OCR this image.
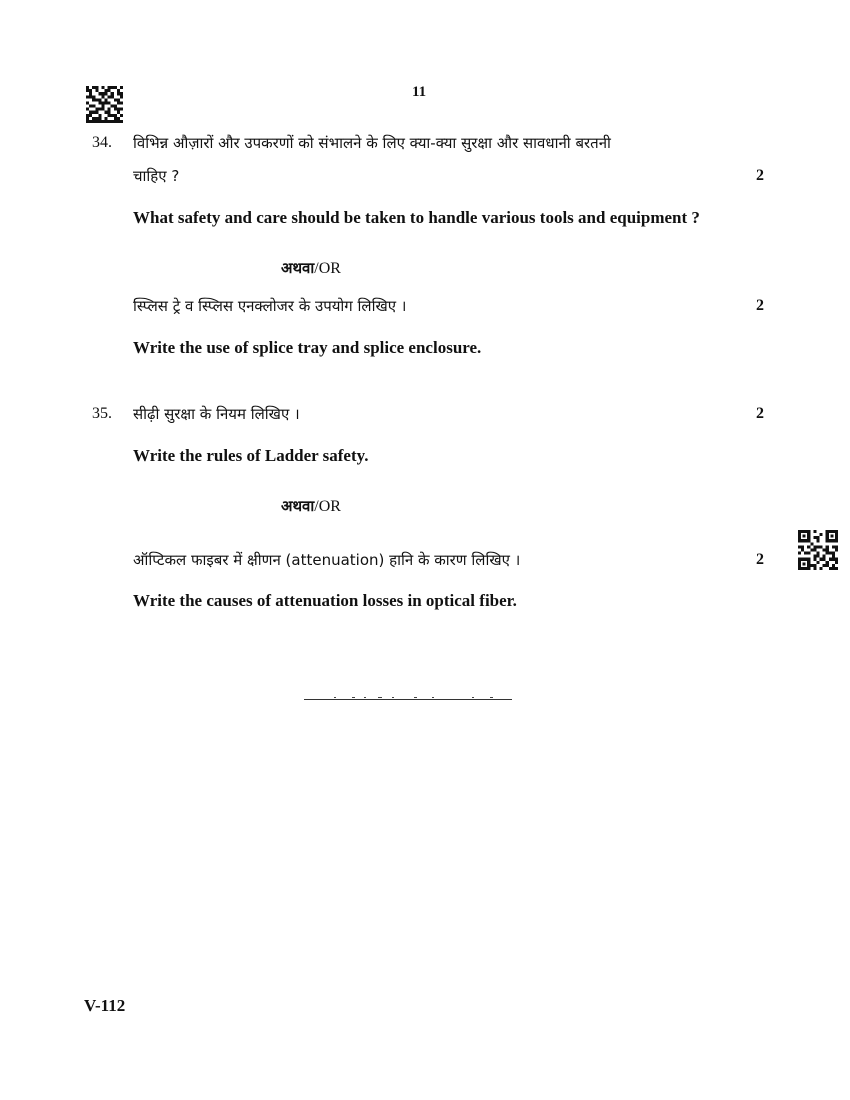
11
34. विभिन्न औज़ारों और उपकरणों को संभालने के लिए क्या-क्या सुरक्षा और सावधानी बरतनी
चाहिए ?	2
What safety and care should be taken to handle various tools and equipment ?
अथवा/OR
स्प्लिस ट्रे व स्प्लिस एनक्लोजर के उपयोग लिखिए ।	2
Write the use of splice tray and splice enclosure.
35. सीढ़ी सुरक्षा के नियम लिखिए ।	2
Write the rules of Ladder safety.
अथवा/OR
ऑप्टिकल फाइबर में क्षीणन (attenuation) हानि के कारण लिखिए ।	2
Write the causes of attenuation losses in optical fiber.
V-112
